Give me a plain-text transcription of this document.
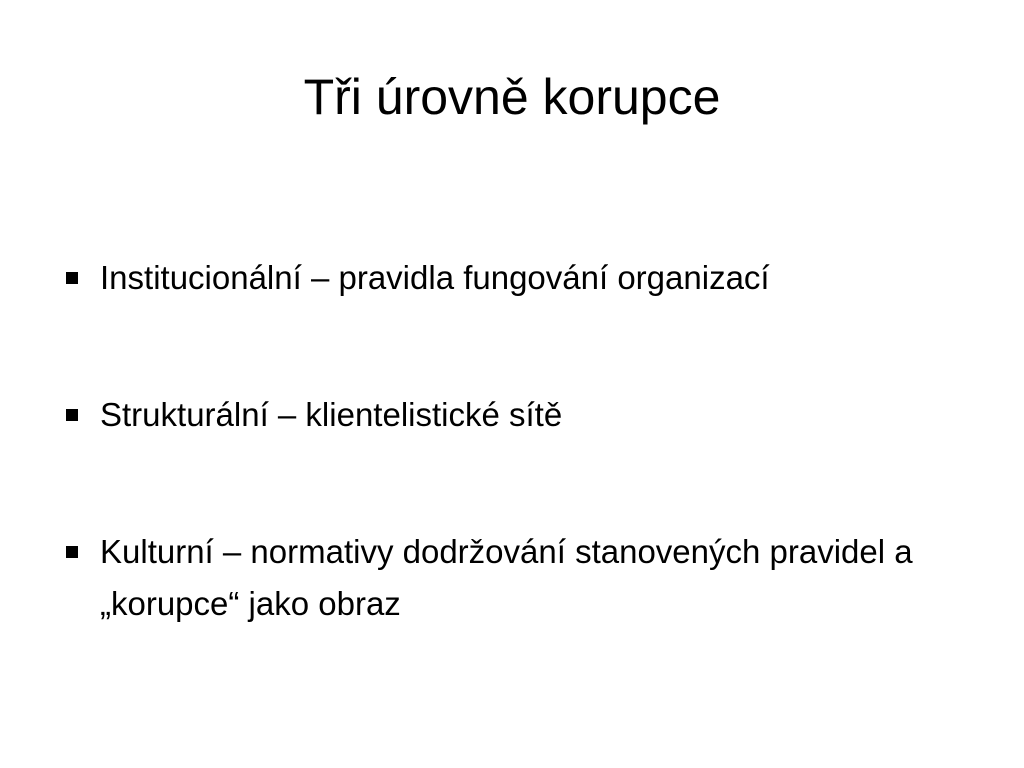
Tři úrovně korupce
Institucionální – pravidla fungování organizací
Strukturální – klientelistické sítě
Kulturní – normativy dodržování stanovených pravidel a „korupce“ jako obraz
